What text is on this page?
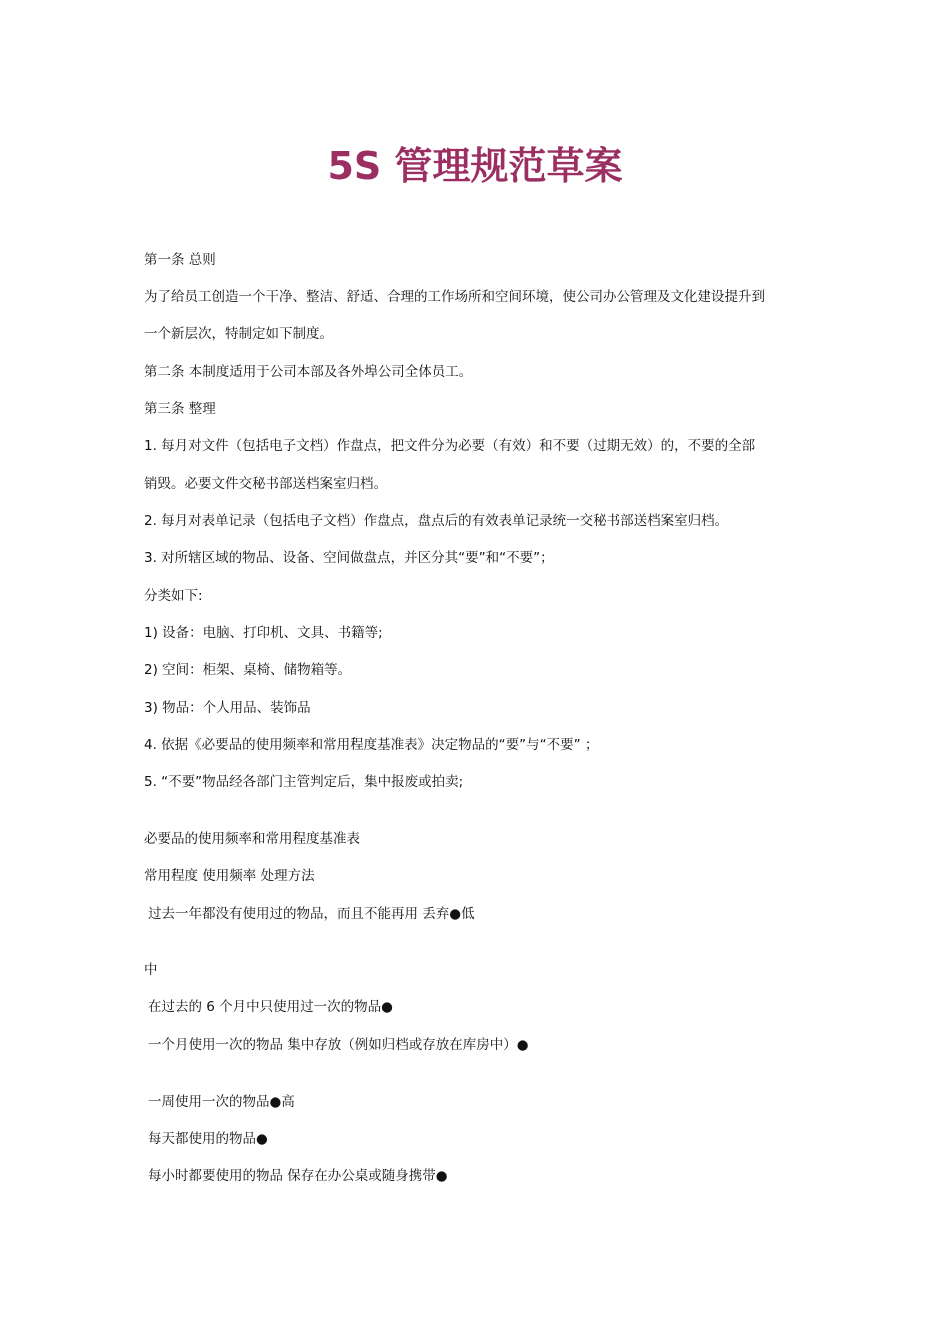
5S 管理规范草案

第一条 总则

为了给员工创造一个干净、整洁、舒适、合理的工作场所和空间环境，使公司办公管理及文化建设提升到

一个新层次，特制定如下制度。

第二条 本制度适用于公司本部及各外埠公司全体员工。

第三条 整理

1. 每月对文件（包括电子文档）作盘点，把文件分为必要（有效）和不要（过期无效）的，不要的全部

销毁。必要文件交秘书部送档案室归档。

2. 每月对表单记录（包括电子文档）作盘点，盘点后的有效表单记录统一交秘书部送档案室归档。

3. 对所辖区域的物品、设备、空间做盘点，并区分其“要”和“不要”；

分类如下:

1) 设备：电脑、打印机、文具、书籍等;

2) 空间：柜架、桌椅、储物箱等。

3) 物品：个人用品、装饰品

4. 依据《必要品的使用频率和常用程度基准表》决定物品的“要”与“不要” ；

5. “不要”物品经各部门主管判定后，集中报废或拍卖;

必要品的使用频率和常用程度基准表

常用程度 使用频率 处理方法

过去一年都没有使用过的物品，而且不能再用 丢弃●低

中

在过去的 6 个月中只使用过一次的物品●

一个月使用一次的物品 集中存放（例如归档或存放在库房中）●

一周使用一次的物品●高

每天都使用的物品●

每小时都要使用的物品 保存在办公桌或随身携带●
